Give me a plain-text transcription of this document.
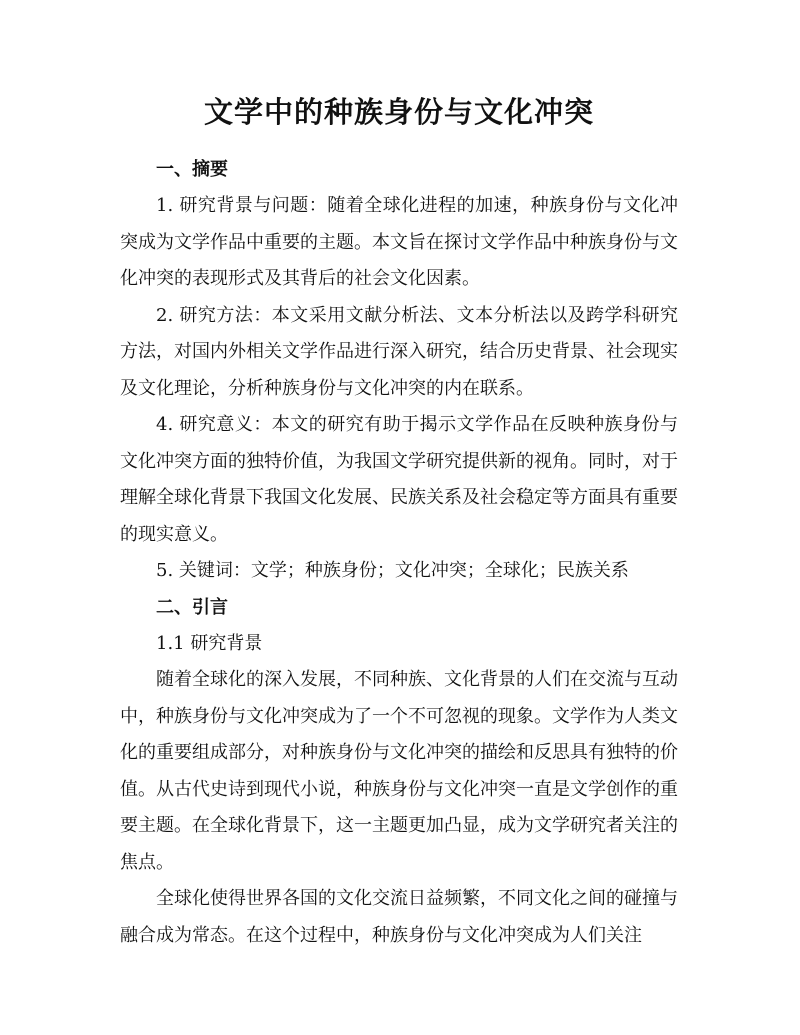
文学中的种族身份与文化冲突

一、摘要

1. 研究背景与问题：随着全球化进程的加速，种族身份与文化冲突成为文学作品中重要的主题。本文旨在探讨文学作品中种族身份与文化冲突的表现形式及其背后的社会文化因素。

2. 研究方法：本文采用文献分析法、文本分析法以及跨学科研究方法，对国内外相关文学作品进行深入研究，结合历史背景、社会现实及文化理论，分析种族身份与文化冲突的内在联系。

4. 研究意义：本文的研究有助于揭示文学作品在反映种族身份与文化冲突方面的独特价值，为我国文学研究提供新的视角。同时，对于理解全球化背景下我国文化发展、民族关系及社会稳定等方面具有重要的现实意义。

5. 关键词：文学；种族身份；文化冲突；全球化；民族关系

二、引言

1.1 研究背景

随着全球化的深入发展，不同种族、文化背景的人们在交流与互动中，种族身份与文化冲突成为了一个不可忽视的现象。文学作为人类文化的重要组成部分，对种族身份与文化冲突的描绘和反思具有独特的价值。从古代史诗到现代小说，种族身份与文化冲突一直是文学创作的重要主题。在全球化背景下，这一主题更加凸显，成为文学研究者关注的焦点。

全球化使得世界各国的文化交流日益频繁，不同文化之间的碰撞与融合成为常态。在这个过程中，种族身份与文化冲突成为人们关注
